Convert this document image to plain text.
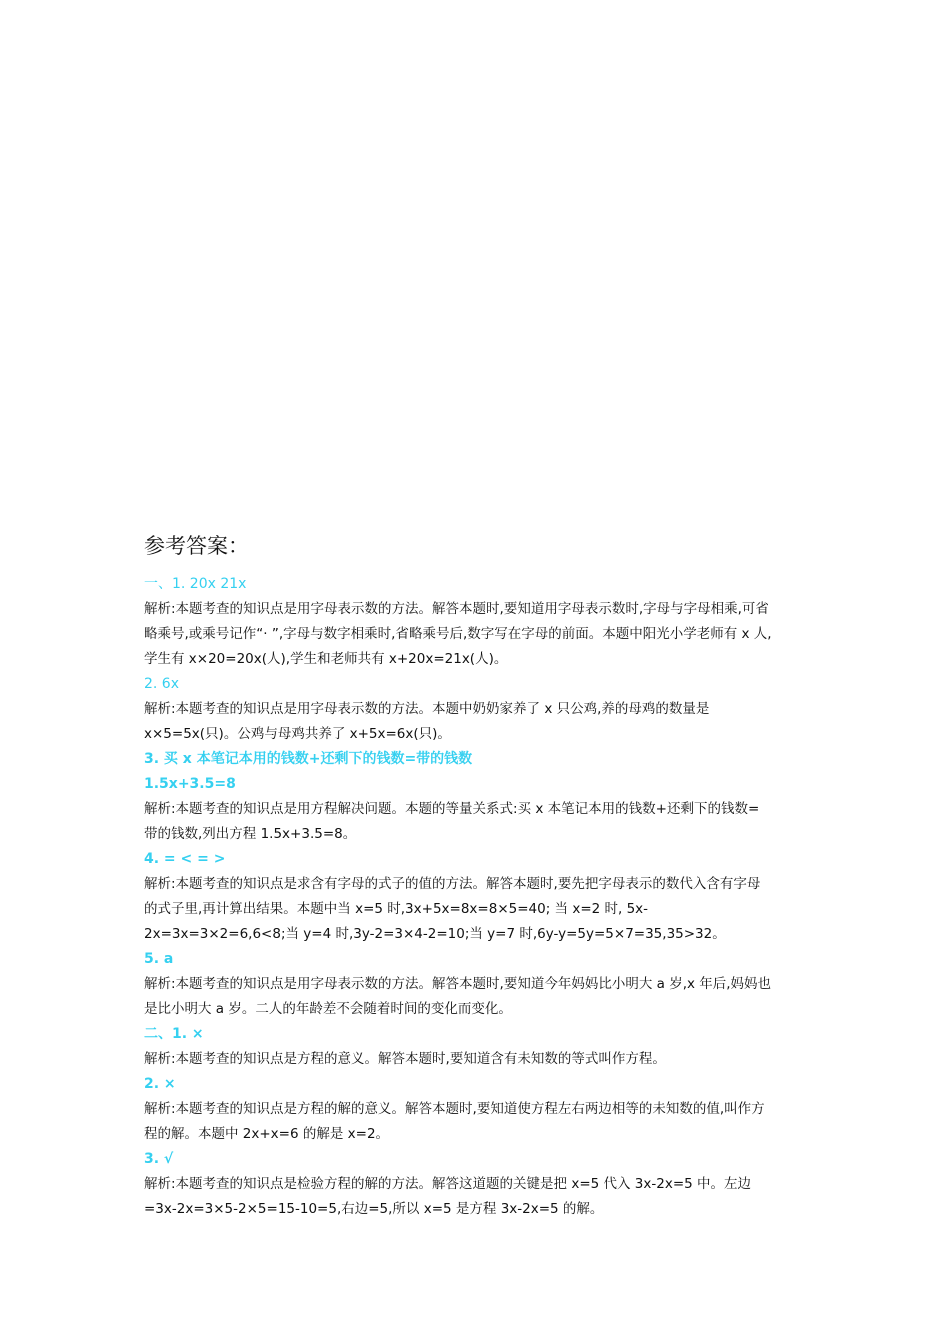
参考答案：
一、1. 20x 21x
解析:本题考查的知识点是用字母表示数的方法。解答本题时,要知道用字母表示数时,字母与字母相乘,可省
略乘号,或乘号记作“· ”,字母与数字相乘时,省略乘号后,数字写在字母的前面。本题中阳光小学老师有 x 人,
学生有 x×20=20x(人),学生和老师共有 x+20x=21x(人)。
2. 6x
解析:本题考查的知识点是用字母表示数的方法。本题中奶奶家养了 x 只公鸡,养的母鸡的数量是
x×5=5x(只)。公鸡与母鸡共养了 x+5x=6x(只)。
3. 买 x 本笔记本用的钱数+还剩下的钱数=带的钱数
1.5x+3.5=8
解析:本题考查的知识点是用方程解决问题。本题的等量关系式:买 x 本笔记本用的钱数+还剩下的钱数=
带的钱数,列出方程 1.5x+3.5=8。
4. = < = >
解析:本题考查的知识点是求含有字母的式子的值的方法。解答本题时,要先把字母表示的数代入含有字母
的式子里,再计算出结果。本题中当 x=5 时,3x+5x=8x=8×5=40; 当 x=2 时, 5x-
2x=3x=3×2=6,6<8;当 y=4 时,3y-2=3×4-2=10;当 y=7 时,6y-y=5y=5×7=35,35>32。
5. a
解析:本题考查的知识点是用字母表示数的方法。解答本题时,要知道今年妈妈比小明大 a 岁,x 年后,妈妈也
是比小明大 a 岁。二人的年龄差不会随着时间的变化而变化。
二、1. ×
解析:本题考查的知识点是方程的意义。解答本题时,要知道含有未知数的等式叫作方程。
2. ×
解析:本题考查的知识点是方程的解的意义。解答本题时,要知道使方程左右两边相等的未知数的值,叫作方
程的解。本题中 2x+x=6 的解是 x=2。
3. √
解析:本题考查的知识点是检验方程的解的方法。解答这道题的关键是把 x=5 代入 3x-2x=5 中。左边
=3x-2x=3×5-2×5=15-10=5,右边=5,所以 x=5 是方程 3x-2x=5 的解。
